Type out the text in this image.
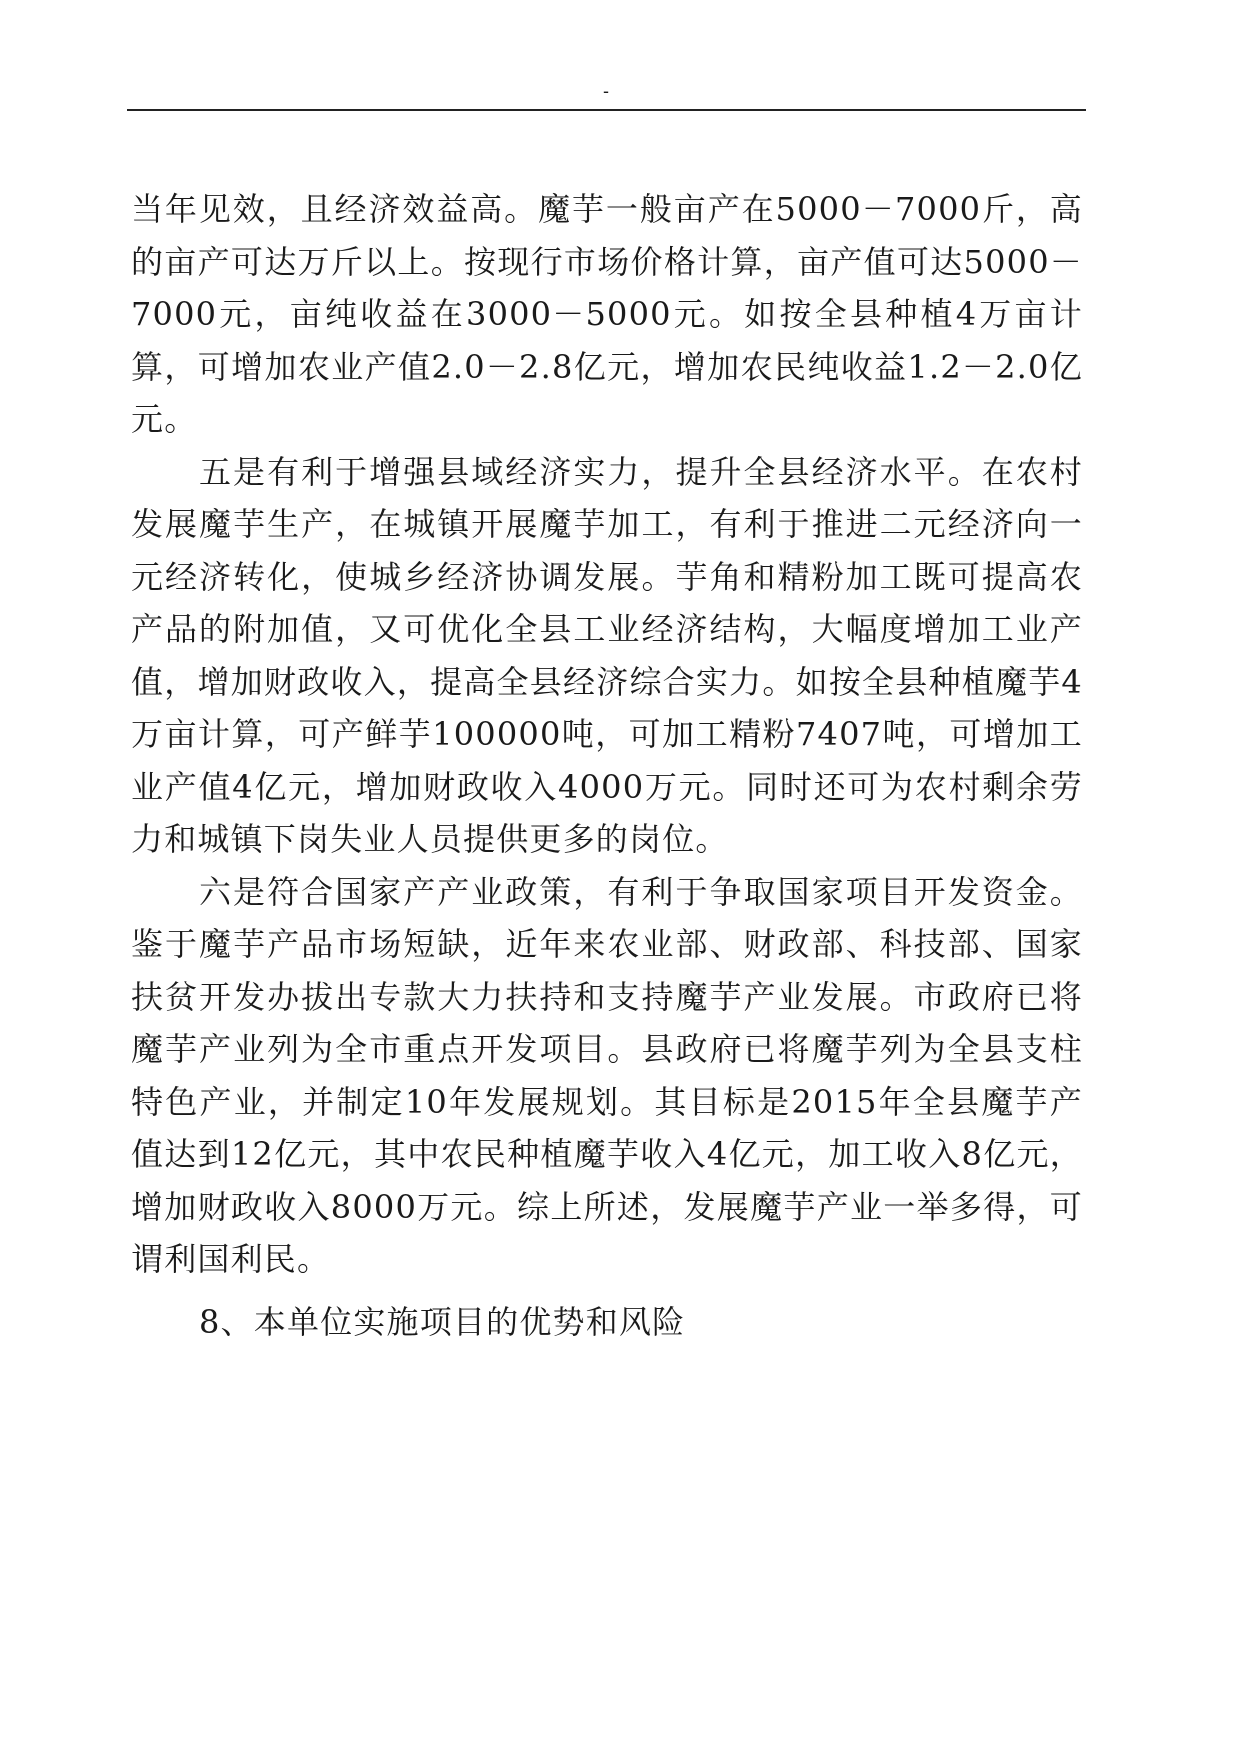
-

当年见效，且经济效益高。魔芋一般亩产在5000－7000斤，高的亩产可达万斤以上。按现行市场价格计算，亩产值可达5000－7000元，亩纯收益在3000－5000元。如按全县种植4万亩计算，可增加农业产值2.0－2.8亿元，增加农民纯收益1.2－2.0亿元。

五是有利于增强县域经济实力，提升全县经济水平。在农村发展魔芋生产，在城镇开展魔芋加工，有利于推进二元经济向一元经济转化，使城乡经济协调发展。芋角和精粉加工既可提高农产品的附加值，又可优化全县工业经济结构，大幅度增加工业产值，增加财政收入，提高全县经济综合实力。如按全县种植魔芋4万亩计算，可产鲜芋100000吨，可加工精粉7407吨，可增加工业产值4亿元，增加财政收入4000万元。同时还可为农村剩余劳力和城镇下岗失业人员提供更多的岗位。

六是符合国家产产业政策，有利于争取国家项目开发资金。鉴于魔芋产品市场短缺，近年来农业部、财政部、科技部、国家扶贫开发办拔出专款大力扶持和支持魔芋产业发展。市政府已将魔芋产业列为全市重点开发项目。县政府已将魔芋列为全县支柱特色产业，并制定10年发展规划。其目标是2015年全县魔芋产值达到12亿元，其中农民种植魔芋收入4亿元，加工收入8亿元，增加财政收入8000万元。综上所述，发展魔芋产业一举多得，可谓利国利民。

8、本单位实施项目的优势和风险
